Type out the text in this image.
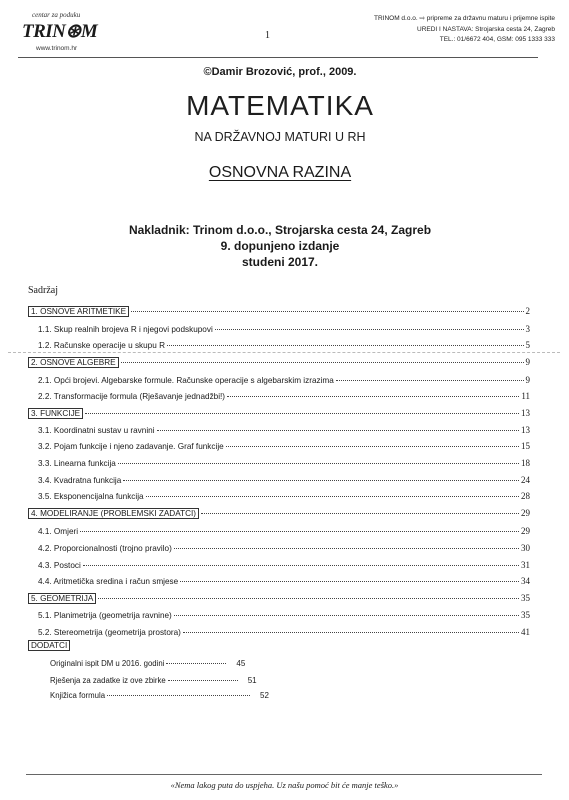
centar za poduku
TRIN⊛M
www.trinom.hr
1
TRINOM d.o.o. ⇨ pripreme za državnu maturu i prijemne ispite
UREDI I NASTAVA: Strojarska cesta 24, Zagreb
TEL.: 01/6672 404, GSM: 095 1333 333
©Damir Brozović, prof., 2009.
MATEMATIKA
NA DRŽAVNOJ MATURI U RH
OSNOVNA RAZINA
Nakladnik: Trinom d.o.o., Strojarska cesta 24, Zagreb
9. dopunjeno izdanje
studeni 2017.
Sadržaj
1. OSNOVE ARITMETIKE	2
1.1. Skup realnih brojeva R i njegovi podskupovi	3
1.2. Računske operacije u skupu R	5
2. OSNOVE ALGEBRE	9
2.1. Opći brojevi. Algebarske formule. Računske operacije s algebarskim izrazima	9
2.2. Transformacije formula (Rješavanje jednadžbi!)	11
3. FUNKCIJE	13
3.1. Koordinatni sustav u ravnini	13
3.2. Pojam funkcije i njeno zadavanje. Graf funkcije	15
3.3. Linearna funkcija	18
3.4. Kvadratna funkcija	24
3.5. Eksponencijalna funkcija	28
4. MODELIRANJE (PROBLEMSKI ZADATCI)	29
4.1. Omjeri	29
4.2. Proporcionalnosti (trojno pravilo)	30
4.3. Postoci	31
4.4. Aritmetička sredina i račun smjese	34
5. GEOMETRIJA	35
5.1. Planimetrija (geometrija ravnine)	35
5.2. Stereometrija (geometrija prostora)	41
DODATCI
Originalni ispit DM u 2016. godini	45
Rješenja za zadatke iz ove zbirke	51
Knjižica formula	52
«Nema lakog puta do uspjeha. Uz našu pomoć bit će manje teško.»
